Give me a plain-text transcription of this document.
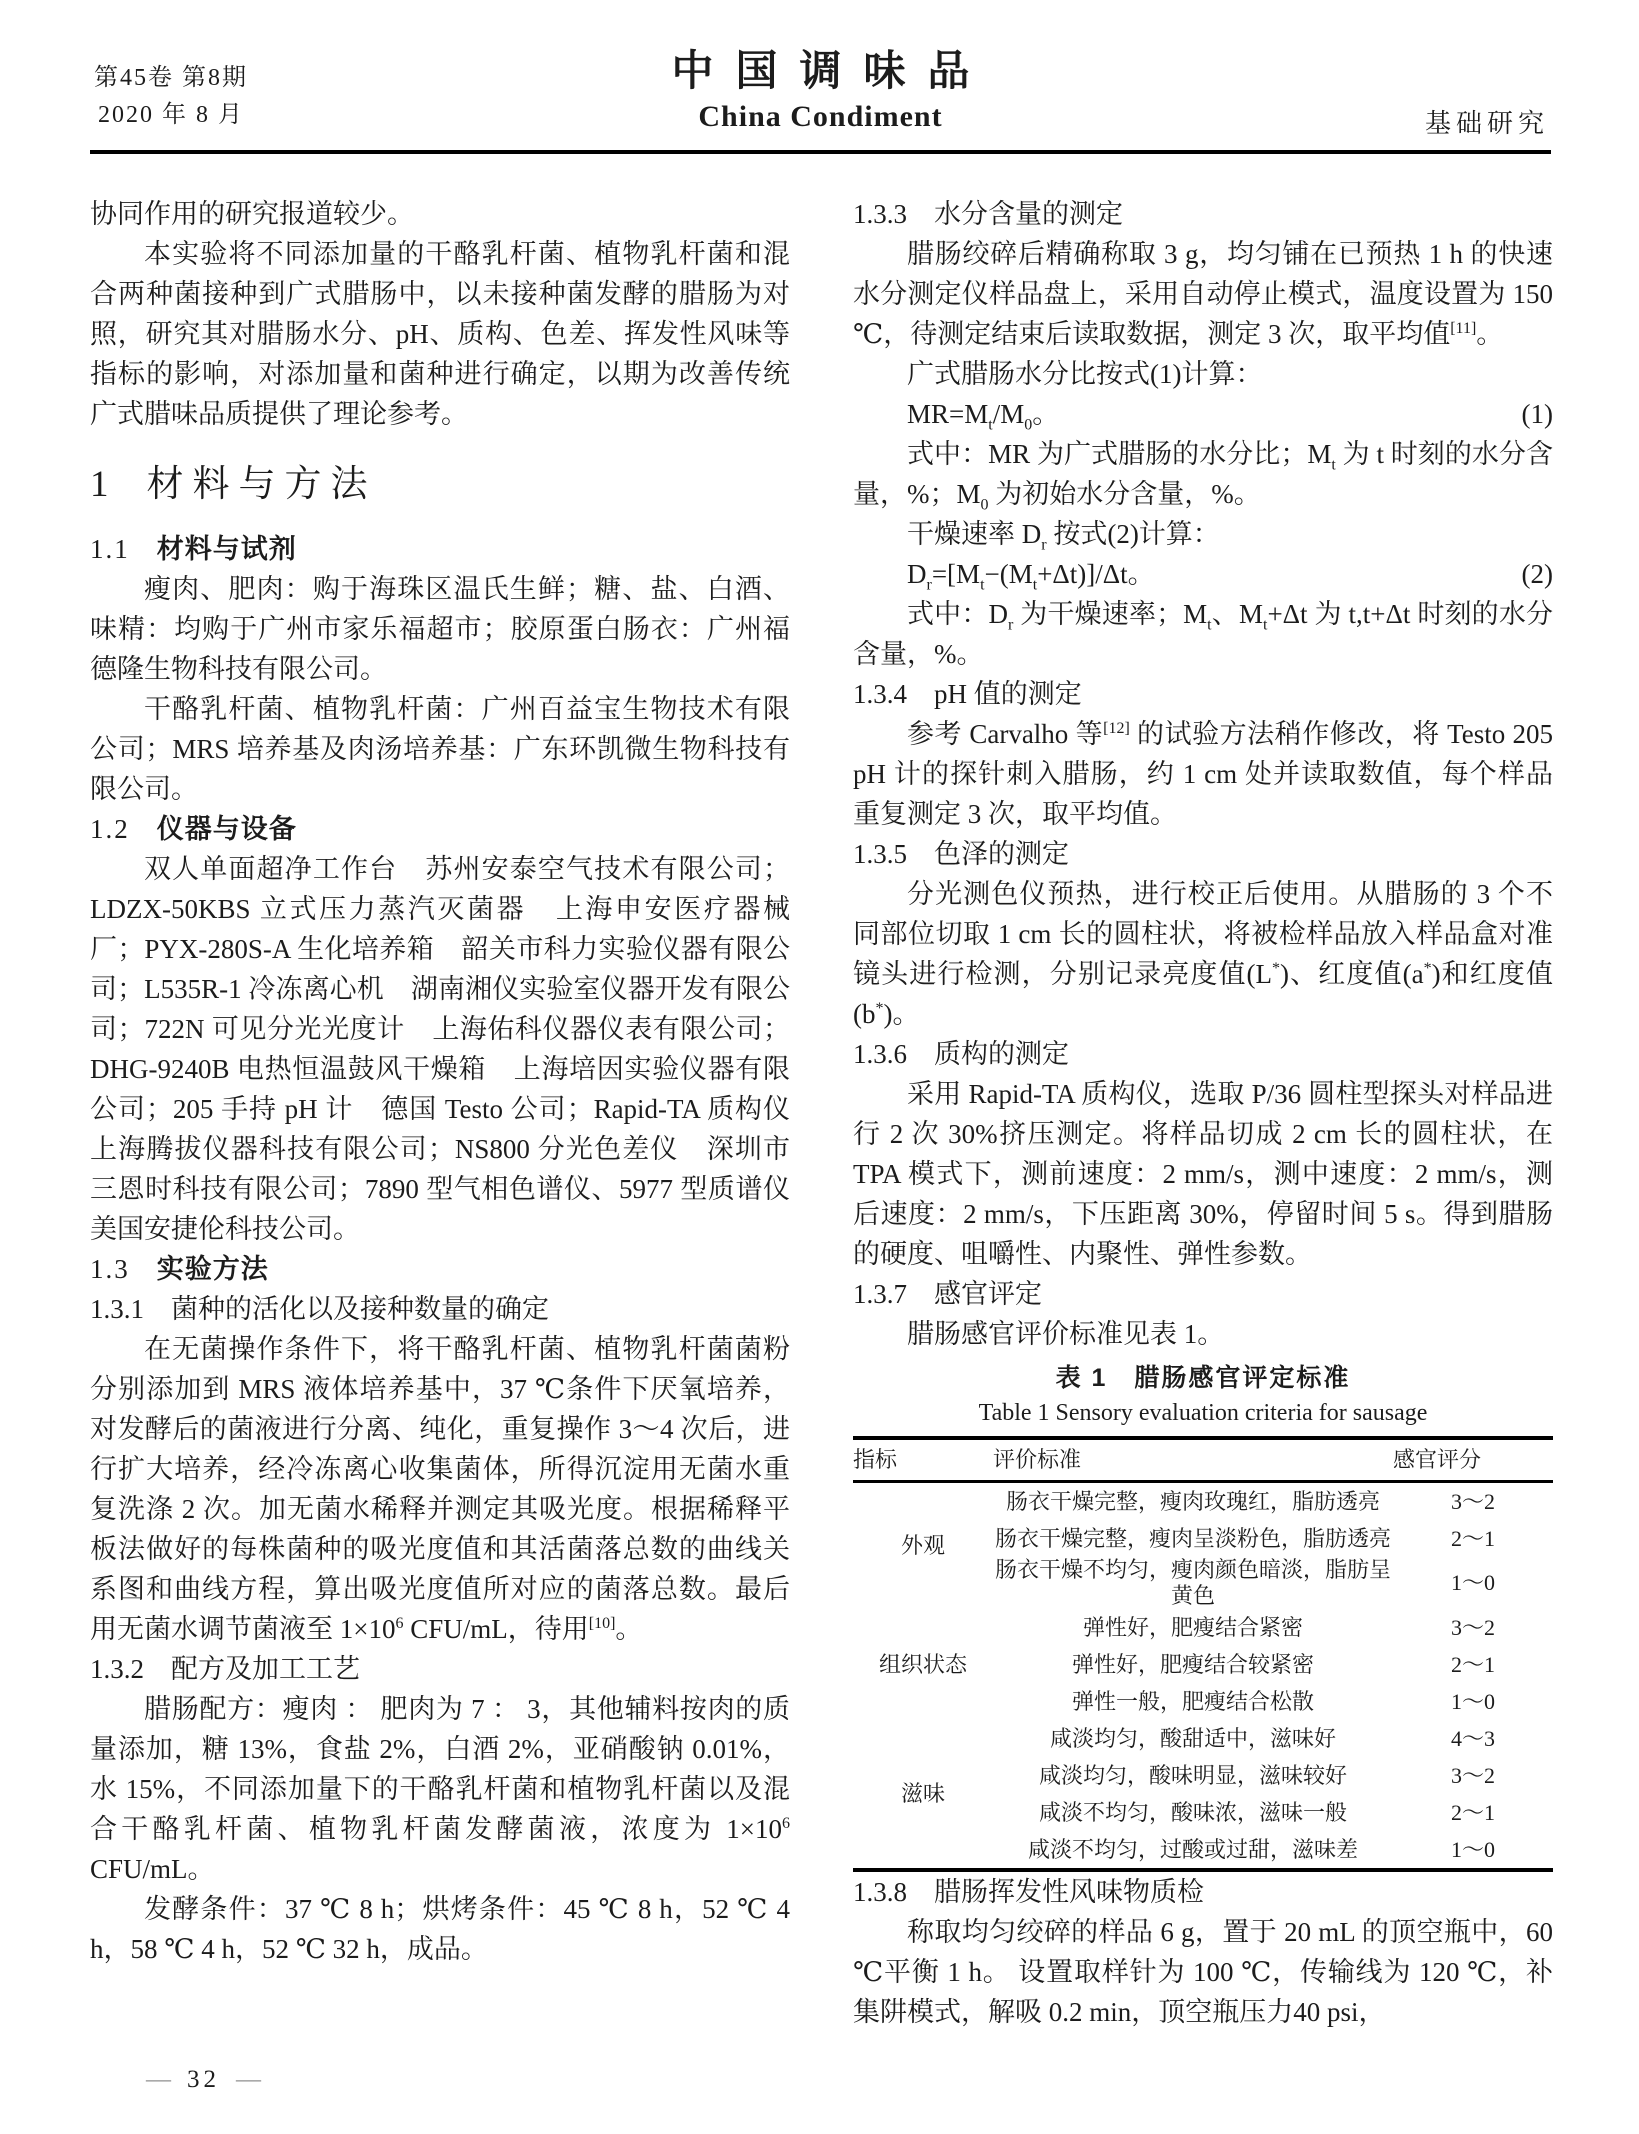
第45卷 第8期
2020 年 8 月
中国调味品
China Condiment	基础研究

协同作用的研究报道较少。

本实验将不同添加量的干酪乳杆菌、植物乳杆菌和混合两种菌接种到广式腊肠中，以未接种菌发酵的腊肠为对照，研究其对腊肠水分、pH、质构、色差、挥发性风味等指标的影响，对添加量和菌种进行确定，以期为改善传统广式腊味品质提供了理论参考。

1 材料与方法
1.1 材料与试剂

瘦肉、肥肉：购于海珠区温氏生鲜；糖、盐、白酒、味精：均购于广州市家乐福超市；胶原蛋白肠衣：广州福德隆生物科技有限公司。

干酪乳杆菌、植物乳杆菌：广州百益宝生物技术有限公司；MRS 培养基及肉汤培养基：广东环凯微生物科技有限公司。

1.2 仪器与设备

双人单面超净工作台　苏州安泰空气技术有限公司；LDZX-50KBS 立式压力蒸汽灭菌器　上海申安医疗器械厂；PYX-280S-A 生化培养箱　韶关市科力实验仪器有限公司；L535R-1 冷冻离心机　湖南湘仪实验室仪器开发有限公司；722N 可见分光光度计　上海佑科仪器仪表有限公司；DHG-9240B 电热恒温鼓风干燥箱　上海培因实验仪器有限公司；205 手持 pH 计　德国 Testo 公司；Rapid-TA 质构仪　上海腾拔仪器科技有限公司；NS800 分光色差仪　深圳市三恩时科技有限公司；7890 型气相色谱仪、5977 型质谱仪　美国安捷伦科技公司。

1.3 实验方法

1.3.1　菌种的活化以及接种数量的确定

在无菌操作条件下，将干酪乳杆菌、植物乳杆菌菌粉分别添加到 MRS 液体培养基中，37 ℃条件下厌氧培养，对发酵后的菌液进行分离、纯化，重复操作 3～4 次后，进行扩大培养，经冷冻离心收集菌体，所得沉淀用无菌水重复洗涤 2 次。加无菌水稀释并测定其吸光度。根据稀释平板法做好的每株菌种的吸光度值和其活菌落总数的曲线关系图和曲线方程，算出吸光度值所对应的菌落总数。最后用无菌水调节菌液至 $1\times 10^6$ CFU/mL，待用[10]。

1.3.2　配方及加工工艺

腊肠配方：瘦肉 ： 肥肉为 7 ： 3，其他辅料按肉的质量添加，糖 13%，食盐 2%，白酒 2%，亚硝酸钠 0.01%，水 15%，不同添加量下的干酪乳杆菌和植物乳杆菌以及混合干酪乳杆菌、植物乳杆菌发酵菌液，浓度为 $1\times 10^6$ CFU/mL。

发酵条件：37 ℃ 8 h；烘烤条件：45 ℃ 8 h，52 ℃ 4 h，58 ℃ 4 h，52 ℃ 32 h，成品。

1.3.3　水分含量的测定

腊肠绞碎后精确称取 3 g，均匀铺在已预热 1 h 的快速水分测定仪样品盘上，采用自动停止模式，温度设置为 150 ℃，待测定结束后读取数据，测定 3 次，取平均值[11]。

广式腊肠水分比按式(1)计算：

$MR=M_t/M_0$。	(1)

式中：MR 为广式腊肠的水分比；$M_t$ 为 t 时刻的水分含量，%；$M_0$ 为初始水分含量，%。

干燥速率 $D_r$ 按式(2)计算：

$D_r=[M_t-(M_t+\Delta t)]/\Delta t$。	(2)

式中：$D_r$ 为干燥速率；$M_t$、$M_t+\Delta t$ 为 t,t+Δt 时刻的水分含量，%。

1.3.4　pH 值的测定

参考 Carvalho 等[12] 的试验方法稍作修改，将 Testo 205 pH 计的探针刺入腊肠，约 1 cm 处并读取数值，每个样品重复测定 3 次，取平均值。

1.3.5　色泽的测定

分光测色仪预热，进行校正后使用。从腊肠的 3 个不同部位切取 1 cm 长的圆柱状，将被检样品放入样品盒对准镜头进行检测，分别记录亮度值(L*)、红度值(a*)和红度值(b*)。

1.3.6　质构的测定

采用 Rapid-TA 质构仪，选取 P/36 圆柱型探头对样品进行 2 次 30%挤压测定。将样品切成 2 cm 长的圆柱状，在 TPA 模式下，测前速度：2 mm/s，测中速度：2 mm/s，测后速度：2 mm/s，下压距离 30%，停留时间 5 s。得到腊肠的硬度、咀嚼性、内聚性、弹性参数。

1.3.7　感官评定

腊肠感官评价标准见表 1。

表 1　腊肠感官评定标准
Table 1 Sensory evaluation criteria for sausage
指标	评价标准	感官评分
外观	肠衣干燥完整，瘦肉玫瑰红，脂肪透亮	3～2
	肠衣干燥完整，瘦肉呈淡粉色，脂肪透亮	2～1
	肠衣干燥不均匀，瘦肉颜色暗淡，脂肪呈黄色	1～0
组织状态	弹性好，肥瘦结合紧密	3～2
	弹性好，肥瘦结合较紧密	2～1
	弹性一般，肥瘦结合松散	1～0
滋味	咸淡均匀，酸甜适中，滋味好	4～3
	咸淡均匀，酸味明显，滋味较好	3～2
	咸淡不均匀，酸味浓，滋味一般	2～1
	咸淡不均匀，过酸或过甜，滋味差	1～0

1.3.8　腊肠挥发性风味物质检

称取均匀绞碎的样品 6 g，置于 20 mL 的顶空瓶中，60 ℃平衡 1 h。 设置取样针为 100 ℃，传输线为 120 ℃，补集阱模式，解吸 0.2 min，顶空瓶压力40 psi，

— 32 —
